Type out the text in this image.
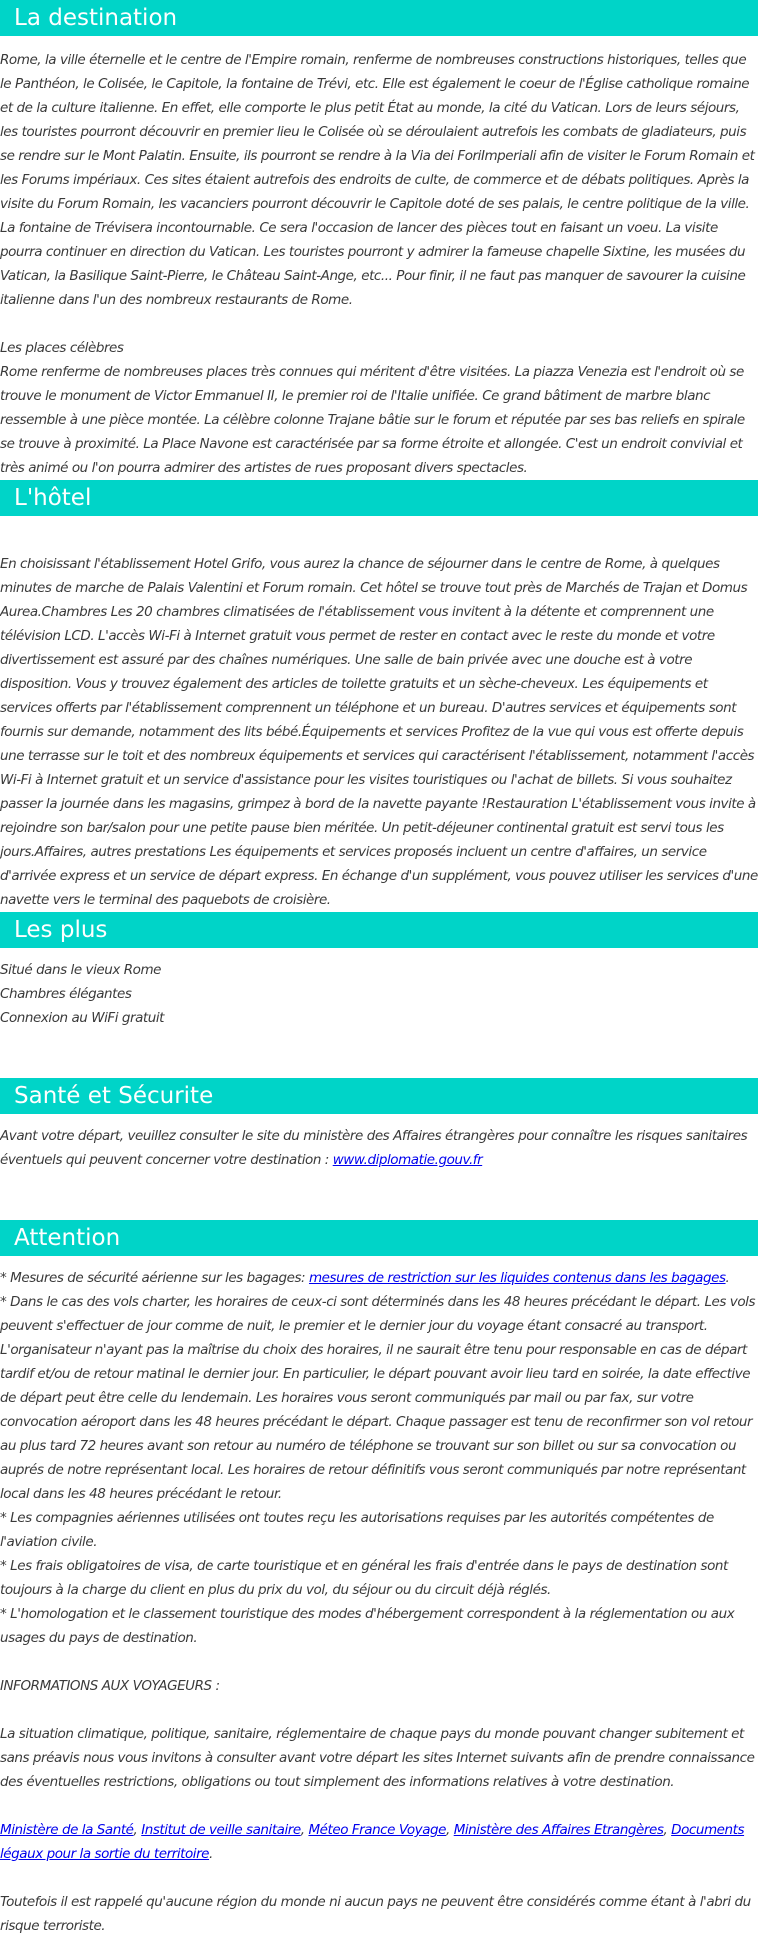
La destination

Rome, la ville éternelle et le centre de l'Empire romain, renferme de nombreuses constructions historiques, telles que le Panthéon, le Colisée, le Capitole, la fontaine de Trévi, etc. Elle est également le coeur de l'Église catholique romaine et de la culture italienne. En effet, elle comporte le plus petit État au monde, la cité du Vatican. Lors de leurs séjours, les touristes pourront découvrir en premier lieu le Colisée où se déroulaient autrefois les combats de gladiateurs, puis se rendre sur le Mont Palatin. Ensuite, ils pourront se rendre à la Via dei ForiImperiali afin de visiter le Forum Romain et les Forums impériaux. Ces sites étaient autrefois des endroits de culte, de commerce et de débats politiques. Après la visite du Forum Romain, les vacanciers pourront découvrir le Capitole doté de ses palais, le centre politique de la ville. La fontaine de Trévisera incontournable. Ce sera l'occasion de lancer des pièces tout en faisant un voeu. La visite pourra continuer en direction du Vatican. Les touristes pourront y admirer la fameuse chapelle Sixtine, les musées du Vatican, la Basilique Saint-Pierre, le Château Saint-Ange, etc... Pour finir, il ne faut pas manquer de savourer la cuisine italienne dans l'un des nombreux restaurants de Rome.

Les places célèbres

Rome renferme de nombreuses places très connues qui méritent d'être visitées. La piazza Venezia est l'endroit où se trouve le monument de Victor Emmanuel II, le premier roi de l'Italie unifiée. Ce grand bâtiment de marbre blanc ressemble à une pièce montée. La célèbre colonne Trajane bâtie sur le forum et réputée par ses bas reliefs en spirale se trouve à proximité. La Place Navone est caractérisée par sa forme étroite et allongée. C'est un endroit convivial et très animé ou l'on pourra admirer des artistes de rues proposant divers spectacles.

L'hôtel

En choisissant l'établissement Hotel Grifo, vous aurez la chance de séjourner dans le centre de Rome, à quelques minutes de marche de Palais Valentini et Forum romain. Cet hôtel se trouve tout près de Marchés de Trajan et Domus Aurea.Chambres Les 20 chambres climatisées de l'établissement vous invitent à la détente et comprennent une télévision LCD. L'accès Wi-Fi à Internet gratuit vous permet de rester en contact avec le reste du monde et votre divertissement est assuré par des chaînes numériques. Une salle de bain privée avec une douche est à votre disposition. Vous y trouvez également des articles de toilette gratuits et un sèche-cheveux. Les équipements et services offerts par l'établissement comprennent un téléphone et un bureau. D'autres services et équipements sont fournis sur demande, notamment des lits bébé.Équipements et services Profitez de la vue qui vous est offerte depuis une terrasse sur le toit et des nombreux équipements et services qui caractérisent l'établissement, notamment l'accès Wi-Fi à Internet gratuit et un service d'assistance pour les visites touristiques ou l'achat de billets. Si vous souhaitez passer la journée dans les magasins, grimpez à bord de la navette payante !Restauration L'établissement vous invite à rejoindre son bar/salon pour une petite pause bien méritée. Un petit-déjeuner continental gratuit est servi tous les jours.Affaires, autres prestations Les équipements et services proposés incluent un centre d'affaires, un service d'arrivée express et un service de départ express. En échange d'un supplément, vous pouvez utiliser les services d'une navette vers le terminal des paquebots de croisière.

Les plus

Situé dans le vieux Rome
Chambres élégantes
Connexion au WiFi gratuit

Santé et Sécurite

Avant votre départ, veuillez consulter le site du ministère des Affaires étrangères pour connaître les risques sanitaires éventuels qui peuvent concerner votre destination : www.diplomatie.gouv.fr

Attention

* Mesures de sécurité aérienne sur les bagages: mesures de restriction sur les liquides contenus dans les bagages.
* Dans le cas des vols charter, les horaires de ceux-ci sont déterminés dans les 48 heures précédant le départ. Les vols peuvent s'effectuer de jour comme de nuit, le premier et le dernier jour du voyage étant consacré au transport. L'organisateur n'ayant pas la maîtrise du choix des horaires, il ne saurait être tenu pour responsable en cas de départ tardif et/ou de retour matinal le dernier jour. En particulier, le départ pouvant avoir lieu tard en soirée, la date effective de départ peut être celle du lendemain. Les horaires vous seront communiqués par mail ou par fax, sur votre convocation aéroport dans les 48 heures précédant le départ. Chaque passager est tenu de reconfirmer son vol retour au plus tard 72 heures avant son retour au numéro de téléphone se trouvant sur son billet ou sur sa convocation ou auprés de notre représentant local. Les horaires de retour définitifs vous seront communiqués par notre représentant local dans les 48 heures précédant le retour.
* Les compagnies aériennes utilisées ont toutes reçu les autorisations requises par les autorités compétentes de l'aviation civile.
* Les frais obligatoires de visa, de carte touristique et en général les frais d'entrée dans le pays de destination sont toujours à la charge du client en plus du prix du vol, du séjour ou du circuit déjà réglés.
* L'homologation et le classement touristique des modes d'hébergement correspondent à la réglementation ou aux usages du pays de destination.

INFORMATIONS AUX VOYAGEURS :

La situation climatique, politique, sanitaire, réglementaire de chaque pays du monde pouvant changer subitement et sans préavis nous vous invitons à consulter avant votre départ les sites Internet suivants afin de prendre connaissance des éventuelles restrictions, obligations ou tout simplement des informations relatives à votre destination.

Ministère de la Santé, Institut de veille sanitaire, Méteo France Voyage, Ministère des Affaires Etrangères, Documents légaux pour la sortie du territoire.

Toutefois il est rappelé qu'aucune région du monde ni aucun pays ne peuvent être considérés comme étant à l'abri du risque terroriste.
